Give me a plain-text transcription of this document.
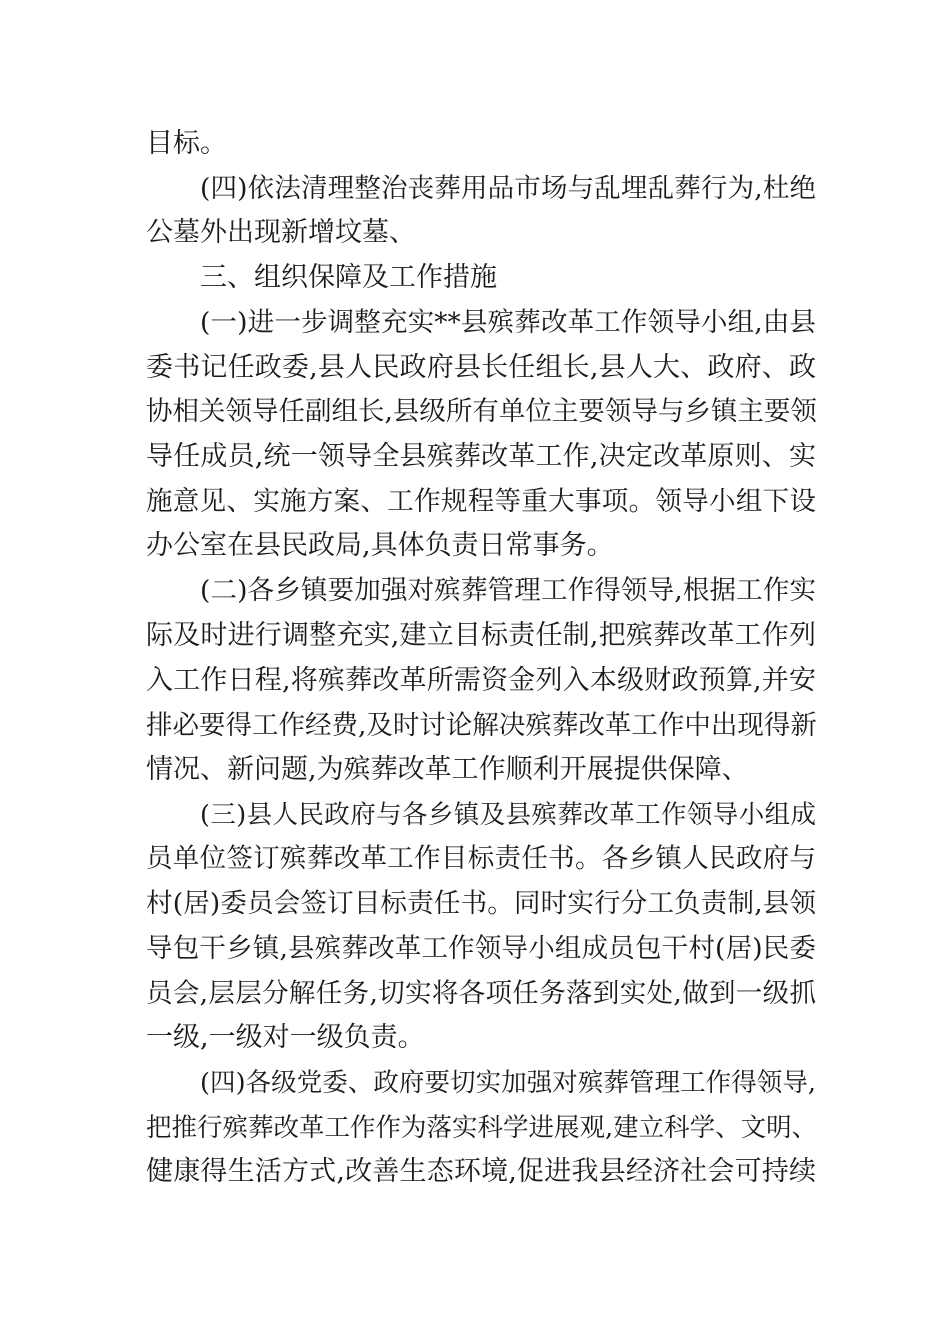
目标。
(四)依法清理整治丧葬用品市场与乱埋乱葬行为,杜绝
公墓外出现新增坟墓、
三、组织保障及工作措施
(一)进一步调整充实**县殡葬改革工作领导小组,由县
委书记任政委,县人民政府县长任组长,县人大、政府、政
协相关领导任副组长,县级所有单位主要领导与乡镇主要领
导任成员,统一领导全县殡葬改革工作,决定改革原则、实
施意见、实施方案、工作规程等重大事项。领导小组下设
办公室在县民政局,具体负责日常事务。
(二)各乡镇要加强对殡葬管理工作得领导,根据工作实
际及时进行调整充实,建立目标责任制,把殡葬改革工作列
入工作日程,将殡葬改革所需资金列入本级财政预算,并安
排必要得工作经费,及时讨论解决殡葬改革工作中出现得新
情况、新问题,为殡葬改革工作顺利开展提供保障、
(三)县人民政府与各乡镇及县殡葬改革工作领导小组成
员单位签订殡葬改革工作目标责任书。各乡镇人民政府与
村(居)委员会签订目标责任书。同时实行分工负责制,县领
导包干乡镇,县殡葬改革工作领导小组成员包干村(居)民委
员会,层层分解任务,切实将各项任务落到实处,做到一级抓
一级,一级对一级负责。
(四)各级党委、政府要切实加强对殡葬管理工作得领导,
把推行殡葬改革工作作为落实科学进展观,建立科学、文明、
健康得生活方式,改善生态环境,促进我县经济社会可持续
